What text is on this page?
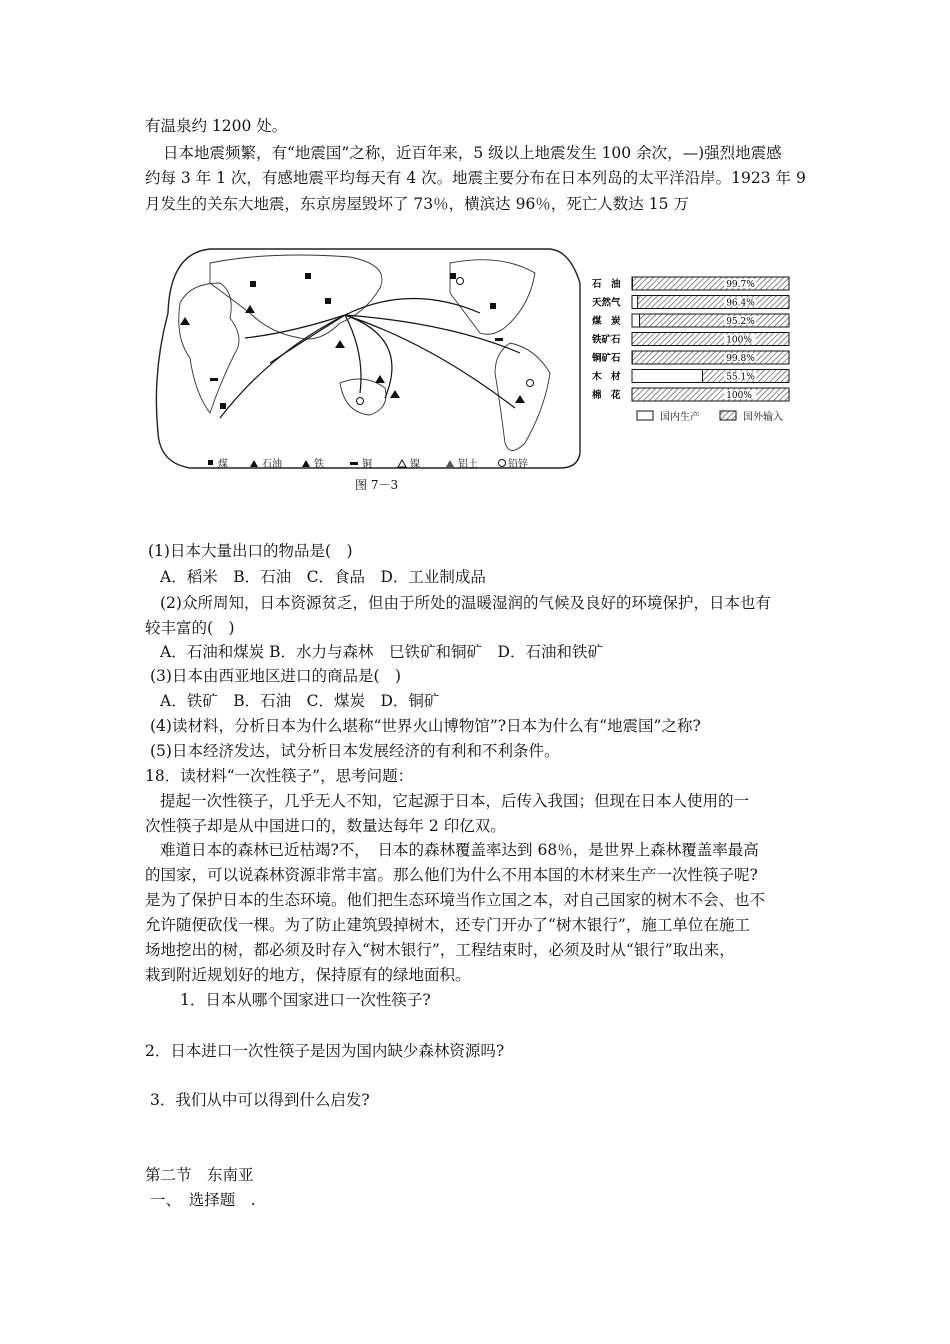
有温泉约 1200 处。
日本地震频繁，有“地震国”之称，近百年来，5 级以上地震发生 100 余次，—)强烈地震感
约每 3 年 1 次，有感地震平均每天有 4 次。地震主要分布在日本列岛的太平洋沿岸。1923 年 9
月发生的关东大地震，东京房屋毁坏了 73％，横滨达 96％，死亡人数达 15 万
煤	石油	铁	铜	镍	铝土	铅锌
图 7－3
石　油	99.7%
天然气	96.4%
煤　炭	95.2%
铁矿石	100%
铜矿石	99.8%
木　材	55.1%
棉　花	100%
国内生产	国外输入
(1)日本大量出口的物品是(　)
A．稻米　B．石油　C．食品　D．工业制成品
(2)众所周知，日本资源贫乏，但由于所处的温暖湿润的气候及良好的环境保护，日本也有
较丰富的(　)
A．石油和煤炭 B．水力与森林　巳铁矿和铜矿　D．石油和铁矿
(3)日本由西亚地区进口的商品是(　)
A．铁矿　B．石油　C．煤炭　D．铜矿
(4)读材料，分析日本为什么堪称“世界火山博物馆”?日本为什么有“地震国”之称?
(5)日本经济发达，试分析日本发展经济的有利和不利条件。
18．读材料“一次性筷子”，思考问题：
提起一次性筷子，几乎无人不知，它起源于日本，后传入我国；但现在日本人使用的一
次性筷子却是从中国进口的，数量达每年 2 印亿双。
难道日本的森林已近枯竭?不，　日本的森林覆盖率达到 68％，是世界上森林覆盖率最高
的国家，可以说森林资源非常丰富。那么他们为什么不用本国的木材来生产一次性筷子呢?
是为了保护日本的生态环境。他们把生态环境当作立国之本，对自己国家的树木不会、也不
允许随便砍伐一棵。为了防止建筑毁掉树木，还专门开办了“树木银行”，施工单位在施工
场地挖出的树，都必须及时存入“树木银行”，工程结束时，必须及时从“银行”取出来，
栽到附近规划好的地方，保持原有的绿地面积。
1．日本从哪个国家进口一次性筷子?
2．日本进口一次性筷子是因为国内缺少森林资源吗?
3．我们从中可以得到什么启发?
第二节　东南亚
一、　选择题　.
